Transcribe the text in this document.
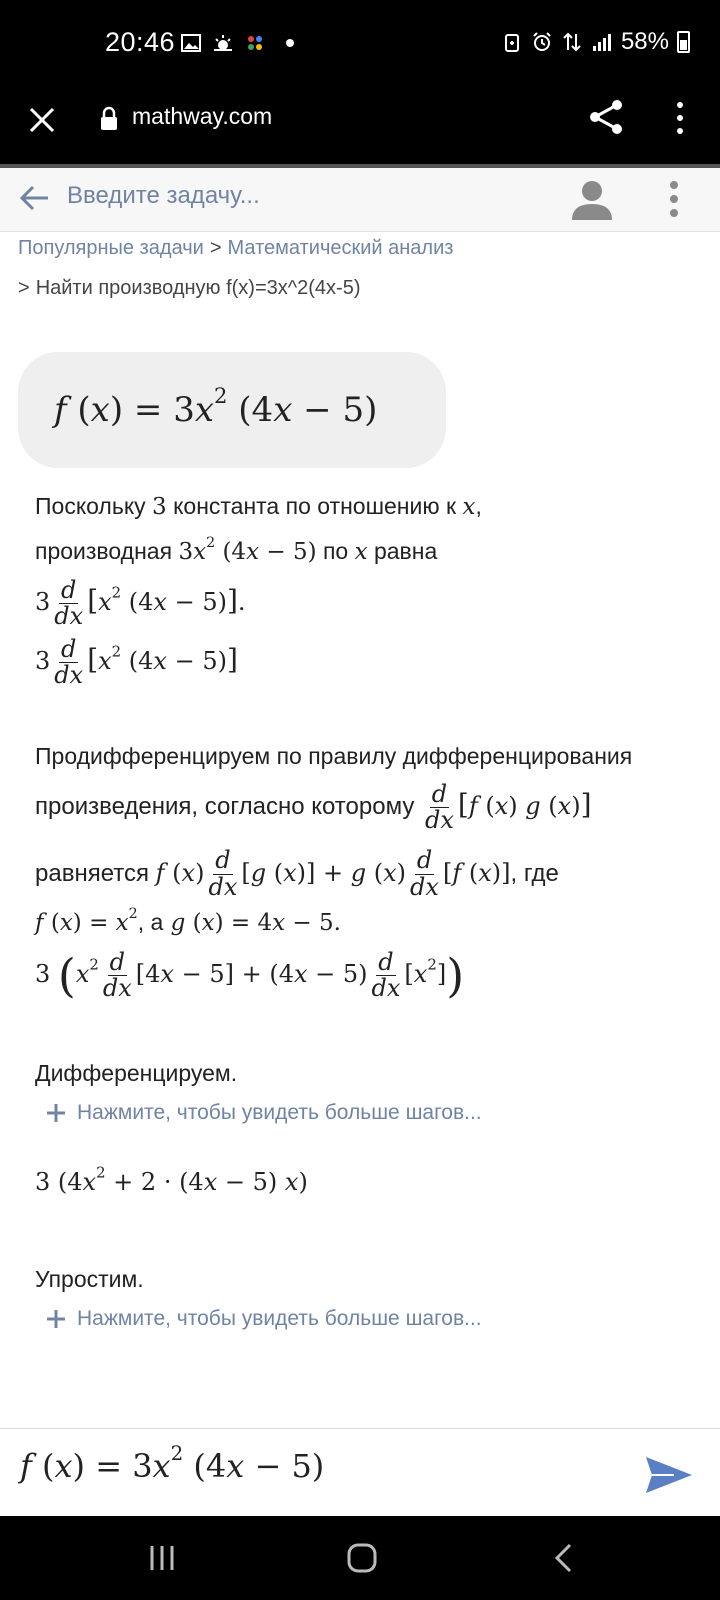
20:46	58%
mathway.com
Введите задачу...
Популярные задачи > Математический анализ
> Найти производную f(x)=3x^2(4x-5)
f $(x) = 3x^2$ (4x − 5)
Поскольку 3 константа по отношению к x,
производная $3x^2$ (4x − 5) по x равна
$3 \frac{d}{dx} [x^2$ (4x − 5)].
$3 \frac{d}{dx} [x^2$ (4x − 5)]
Продифференцируем по правилу дифференцирования
произведения, согласно которому $\frac{d}{dx} [f$ (x) g (x)]
равняется f $(x) \frac{d}{dx} [g$ (x)] + g $(x) \frac{d}{dx} [f$ (x)], где
f $(x) = x^2$, а g (x) = 4x − 5.
3 $(x^2 \frac{d}{dx} [4x - 5] + (4x - 5) \frac{d}{dx} [x^2])$
Дифференцируем.
Нажмите, чтобы увидеть больше шагов...
3 ($4x^2 + 2 \cdot (4x - 5)$ x)
Упростим.
Нажмите, чтобы увидеть больше шагов...
f $(x) = 3x^2$ (4x − 5)
